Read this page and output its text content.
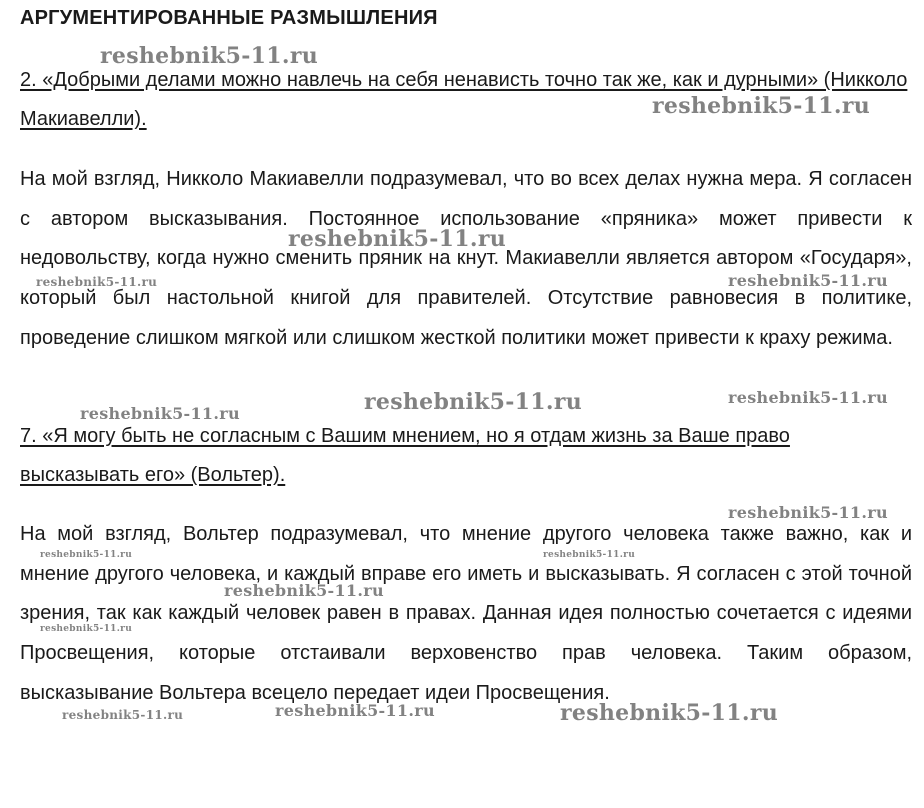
АРГУМЕНТИРОВАННЫЕ РАЗМЫШЛЕНИЯ

2. «Добрыми делами можно навлечь на себя ненависть точно так же, как и дурными» (Никколо Макиавелли).

На мой взгляд, Никколо Макиавелли подразумевал, что во всех делах нужна мера. Я согласен с автором высказывания. Постоянное использование «пряника» может привести к недовольству, когда нужно сменить пряник на кнут. Макиавелли является автором «Государя», который был настольной книгой для правителей. Отсутствие равновесия в политике, проведение слишком мягкой или слишком жесткой политики может привести к краху режима.

7. «Я могу быть не согласным с Вашим мнением, но я отдам жизнь за Ваше право высказывать его» (Вольтер).

На мой взгляд, Вольтер подразумевал, что мнение другого человека также важно, как и мнение другого человека, и каждый вправе его иметь и высказывать. Я согласен с этой точной зрения, так как каждый человек равен в правах. Данная идея полностью сочетается с идеями Просвещения, которые отстаивали верховенство прав человека. Таким образом, высказывание Вольтера всецело передает идеи Просвещения.

reshebnik5-11.ru
reshebnik5-11.ru
reshebnik5-11.ru
reshebnik5-11.ru	reshebnik5-11.ru
reshebnik5-11.ru	reshebnik5-11.ru	reshebnik5-11.ru
reshebnik5-11.ru
reshebnik5-11.ru	reshebnik5-11.ru
reshebnik5-11.ru
reshebnik5-11.ru
reshebnik5-11.ru	reshebnik5-11.ru	reshebnik5-11.ru
